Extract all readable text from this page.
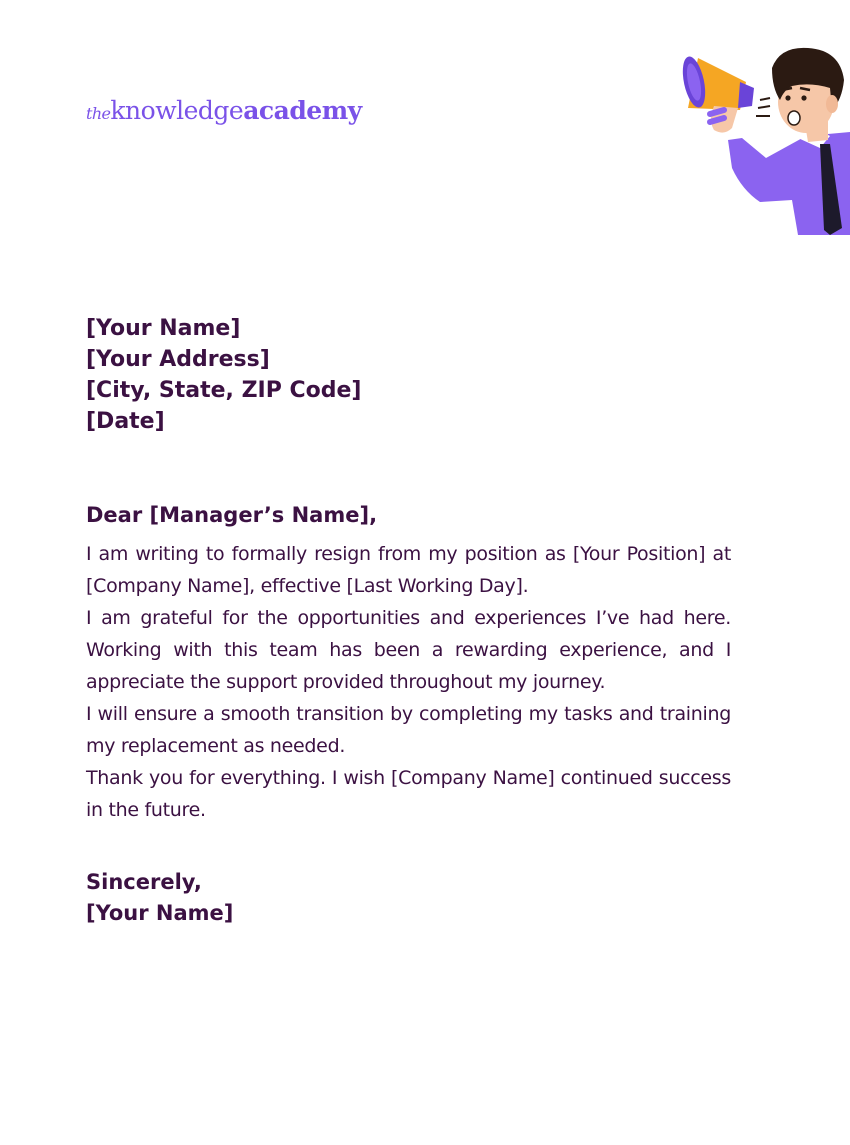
theknowledgeacademy
[Your Name]
[Your Address]
[City, State, ZIP Code]
[Date]
Dear [Manager’s Name],

I am writing to formally resign from my position as [Your Position] at [Company Name], effective [Last Working Day].

I am grateful for the opportunities and experiences I’ve had here. Working with this team has been a rewarding experience, and I appreciate the support provided throughout my journey.

I will ensure a smooth transition by completing my tasks and training my replacement as needed.

Thank you for everything. I wish [Company Name] continued success in the future.

Sincerely,
[Your Name]
